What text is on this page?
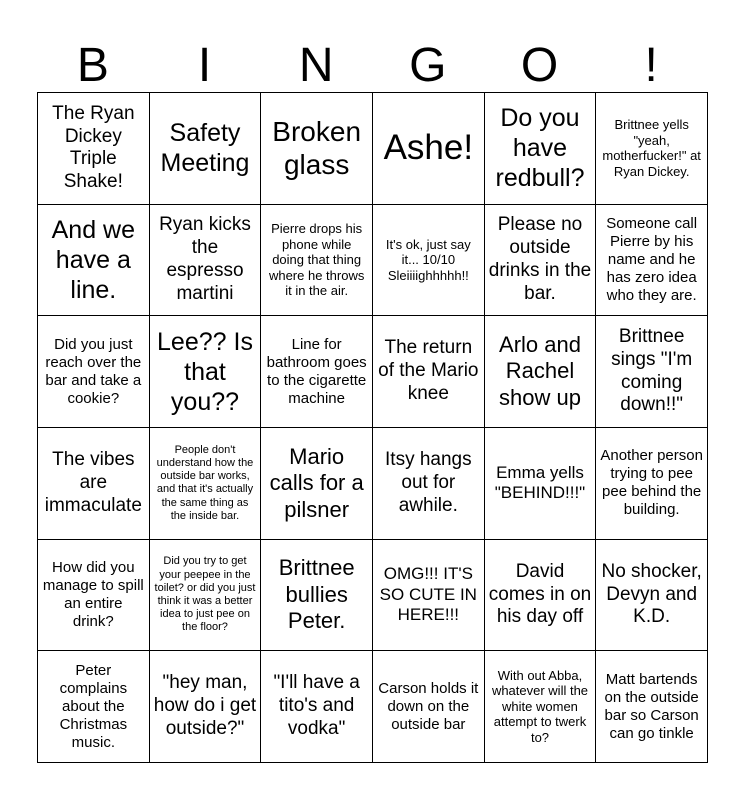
B	I	N	G	O	!
The Ryan Dickey Triple Shake!
Safety Meeting
Broken glass Ashe!
Do you have redbull?
Brittnee yells "yeah, motherfucker!" at Ryan Dickey.
And we have a line.
Ryan kicks the espresso martini
Pierre drops his phone while doing that thing where he throws it in the air.
It's ok, just say it... 10/10 Sleiiiighhhhh!!
Please no outside drinks in the bar.
Someone call Pierre by his name and he has zero idea who they are.
Did you just reach over the bar and take a cookie?
Lee?? Is that you??
Line for bathroom goes to the cigarette machine
The return of the Mario knee
Arlo and Rachel show up
Brittnee sings "I'm coming down!!"
The vibes are immaculate
People don't understand how the outside bar works, and that it's actually the same thing as the inside bar.
Mario calls for a pilsner
Itsy hangs out for awhile.
Emma yells "BEHIND!!!"
Another person trying to pee pee behind the building.
How did you manage to spill an entire drink?
Did you try to get your peepee in the toilet? or did you just think it was a better idea to just pee on the floor?
Brittnee bullies Peter.
OMG!!! IT'S SO CUTE IN HERE!!!
David comes in on his day off
No shocker, Devyn and K.D.
Peter complains about the Christmas music.
"hey man, how do i get outside?"
"I'll have a tito's and vodka"
Carson holds it down on the outside bar
With out Abba, whatever will the white women attempt to twerk to?
Matt bartends on the outside bar so Carson can go tinkle
